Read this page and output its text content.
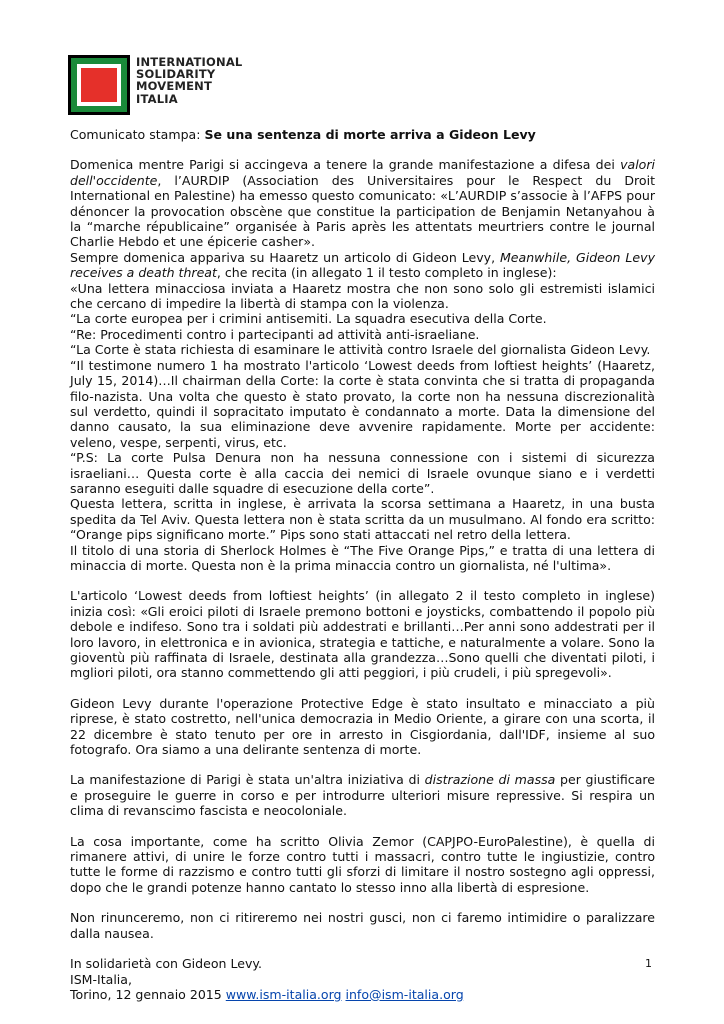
INTERNATIONAL
SOLIDARITY
MOVEMENT
ITALIA

Comunicato stampa: Se una sentenza di morte arriva a Gideon Levy

Domenica mentre Parigi si accingeva a tenere la grande manifestazione a difesa dei valori dell'occidente, l’AURDIP (Association des Universitaires pour le Respect du Droit International en Palestine) ha emesso questo comunicato: «L’AURDIP s’associe à l’AFPS pour dénoncer la provocation obscène que constitue la participation de Benjamin Netanyahou à la “marche républicaine” organisée à Paris après les attentats meurtriers contre le journal Charlie Hebdo et une épicerie casher».

Sempre domenica appariva su Haaretz un articolo di Gideon Levy, Meanwhile, Gideon Levy receives a death threat, che recita (in allegato 1 il testo completo in inglese):

«Una lettera minacciosa inviata a Haaretz mostra che non sono solo gli estremisti islamici che cercano di impedire la libertà di stampa con la violenza.

“La corte europea per i crimini antisemiti. La squadra esecutiva della Corte.

“Re: Procedimenti contro i partecipanti ad attività anti-israeliane.

“La Corte è stata richiesta di esaminare le attività contro Israele del giornalista Gideon Levy.

“Il testimone numero 1 ha mostrato l'articolo ‘Lowest deeds from loftiest heights’ (Haaretz, July 15, 2014)…Il chairman della Corte: la corte è stata convinta che si tratta di propaganda filo-nazista. Una volta che questo è stato provato, la corte non ha nessuna discrezionalità sul verdetto, quindi il sopracitato imputato è condannato a morte. Data la dimensione del danno causato, la sua eliminazione deve avvenire rapidamente. Morte per accidente: veleno, vespe, serpenti, virus, etc.

“P.S: La corte Pulsa Denura non ha nessuna connessione con i sistemi di sicurezza israeliani… Questa corte è alla caccia dei nemici di Israele ovunque siano e i verdetti saranno eseguiti dalle squadre di esecuzione della corte”.

Questa lettera, scritta in inglese, è arrivata la scorsa settimana a Haaretz, in una busta spedita da Tel Aviv. Questa lettera non è stata scritta da un musulmano. Al fondo era scritto: “Orange pips significano morte.” Pips sono stati attaccati nel retro della lettera.

Il titolo di una storia di Sherlock Holmes è “The Five Orange Pips,” e tratta di una lettera di minaccia di morte. Questa non è la prima minaccia contro un giornalista, né l'ultima».

L'articolo ‘Lowest deeds from loftiest heights’ (in allegato 2 il testo completo in inglese) inizia così: «Gli eroici piloti di Israele premono bottoni e joysticks, combattendo il popolo più debole e indifeso. Sono tra i soldati più addestrati e brillanti…Per anni sono addestrati per il loro lavoro, in elettronica e in avionica, strategia e tattiche, e naturalmente a volare. Sono la gioventù più raffinata di Israele, destinata alla grandezza…Sono quelli che diventati piloti, i mgliori piloti, ora stanno commettendo gli atti peggiori, i più crudeli, i più spregevoli».

Gideon Levy durante l'operazione Protective Edge è stato insultato e minacciato a più riprese, è stato costretto, nell'unica democrazia in Medio Oriente, a girare con una scorta, il 22 dicembre è stato tenuto per ore in arresto in Cisgiordania, dall'IDF, insieme al suo fotografo. Ora siamo a una delirante sentenza di morte.

La manifestazione di Parigi è stata un'altra iniziativa di distrazione di massa per giustificare e proseguire le guerre in corso e per introdurre ulteriori misure repressive. Si respira un clima di revanscimo fascista e neocoloniale.

La cosa importante, come ha scritto Olivia Zemor (CAPJPO-EuroPalestine), è quella di rimanere attivi, di unire le forze contro tutti i massacri, contro tutte le ingiustizie, contro tutte le forme di razzismo e contro tutti gli sforzi di limitare il nostro sostegno agli oppressi, dopo che le grandi potenze hanno cantato lo stesso inno alla libertà di espresione.

Non rinunceremo, non ci ritireremo nei nostri gusci, non ci faremo intimidire o paralizzare dalla nausea.

In solidarietà con Gideon Levy.

ISM-Italia,

Torino, 12 gennaio 2015 www.ism-italia.org info@ism-italia.org

1
